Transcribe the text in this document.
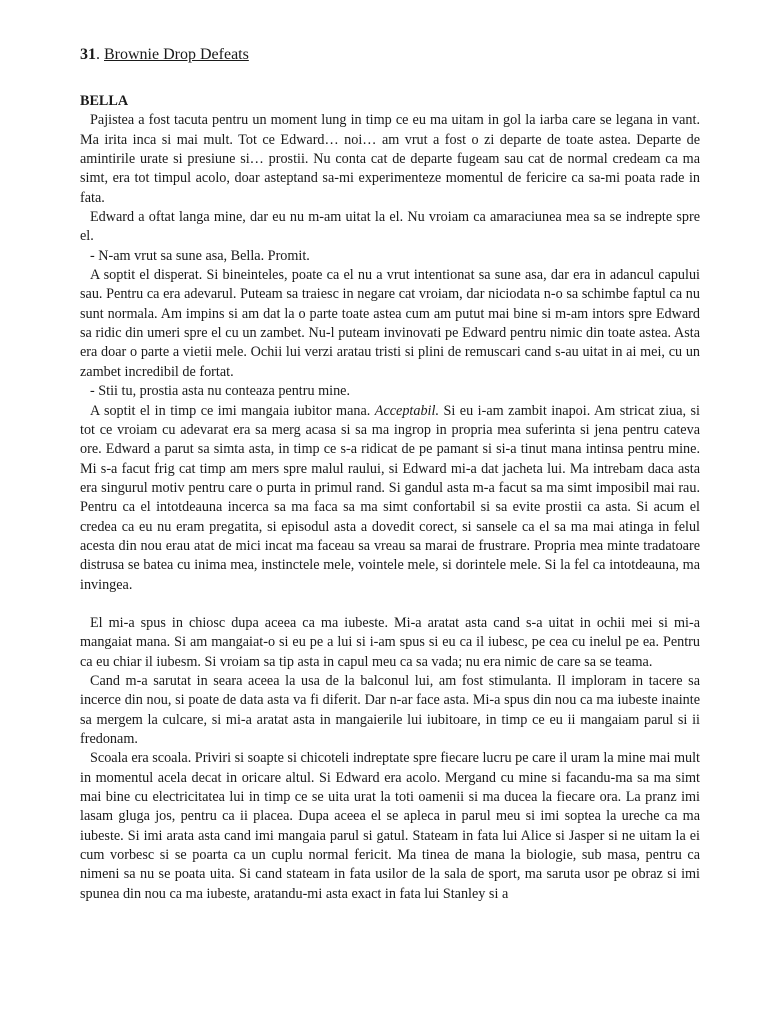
31. Brownie Drop Defeats
BELLA

Pajistea a fost tacuta pentru un moment lung in timp ce eu ma uitam in gol la iarba care se legana in vant. Ma irita inca si mai mult. Tot ce Edward… noi… am vrut a fost o zi departe de toate astea. Departe de amintirile urate si presiune si… prostii. Nu conta cat de departe fugeam sau cat de normal credeam ca ma simt, era tot timpul acolo, doar asteptand sa-mi experimenteze momentul de fericire ca sa-mi poata rade in fata.

Edward a oftat langa mine, dar eu nu m-am uitat la el. Nu vroiam ca amaraciunea mea sa se indrepte spre el.

- N-am vrut sa sune asa, Bella. Promit.

A soptit el disperat. Si bineinteles, poate ca el nu a vrut intentionat sa sune asa, dar era in adancul capului sau. Pentru ca era adevarul. Puteam sa traiesc in negare cat vroiam, dar niciodata n-o sa schimbe faptul ca nu sunt normala. Am impins si am dat la o parte toate astea cum am putut mai bine si m-am intors spre Edward sa ridic din umeri spre el cu un zambet. Nu-l puteam invinovati pe Edward pentru nimic din toate astea. Asta era doar o parte a vietii mele. Ochii lui verzi aratau tristi si plini de remuscari cand s-au uitat in ai mei, cu un zambet incredibil de fortat.

- Stii tu, prostia asta nu conteaza pentru mine.

A soptit el in timp ce imi mangaia iubitor mana. Acceptabil. Si eu i-am zambit inapoi. Am stricat ziua, si tot ce vroiam cu adevarat era sa merg acasa si sa ma ingrop in propria mea suferinta si jena pentru cateva ore. Edward a parut sa simta asta, in timp ce s-a ridicat de pe pamant si si-a tinut mana intinsa pentru mine. Mi s-a facut frig cat timp am mers spre malul raului, si Edward mi-a dat jacheta lui. Ma intrebam daca asta era singurul motiv pentru care o purta in primul rand. Si gandul asta m-a facut sa ma simt imposibil mai rau. Pentru ca el intotdeauna incerca sa ma faca sa ma simt confortabil si sa evite prostii ca asta. Si acum el credea ca eu nu eram pregatita, si episodul asta a dovedit corect, si sansele ca el sa ma mai atinga in felul acesta din nou erau atat de mici incat ma faceau sa vreau sa marai de frustrare. Propria mea minte tradatoare distrusa se batea cu inima mea, instinctele mele, vointele mele, si dorintele mele. Si la fel ca intotdeauna, ma invingea.

El mi-a spus in chiosc dupa aceea ca ma iubeste. Mi-a aratat asta cand s-a uitat in ochii mei si mi-a mangaiat mana. Si am mangaiat-o si eu pe a lui si i-am spus si eu ca il iubesc, pe cea cu inelul pe ea. Pentru ca eu chiar il iubesm. Si vroiam sa tip asta in capul meu ca sa vada; nu era nimic de care sa se teama.

Cand m-a sarutat in seara aceea la usa de la balconul lui, am fost stimulanta. Il imploram in tacere sa incerce din nou, si poate de data asta va fi diferit. Dar n-ar face asta. Mi-a spus din nou ca ma iubeste inainte sa mergem la culcare, si mi-a aratat asta in mangaierile lui iubitoare, in timp ce eu ii mangaiam parul si ii fredonam.

Scoala era scoala. Priviri si soapte si chicoteli indreptate spre fiecare lucru pe care il uram la mine mai mult in momentul acela decat in oricare altul. Si Edward era acolo. Mergand cu mine si facandu-ma sa ma simt mai bine cu electricitatea lui in timp ce se uita urat la toti oamenii si ma ducea la fiecare ora. La pranz imi lasam gluga jos, pentru ca ii placea. Dupa aceea el se apleca in parul meu si imi soptea la ureche ca ma iubeste. Si imi arata asta cand imi mangaia parul si gatul. Stateam in fata lui Alice si Jasper si ne uitam la ei cum vorbesc si se poarta ca un cuplu normal fericit. Ma tinea de mana la biologie, sub masa, pentru ca nimeni sa nu se poata uita. Si cand stateam in fata usilor de la sala de sport, ma saruta usor pe obraz si imi spunea din nou ca ma iubeste, aratandu-mi asta exact in fata lui Stanley si a
